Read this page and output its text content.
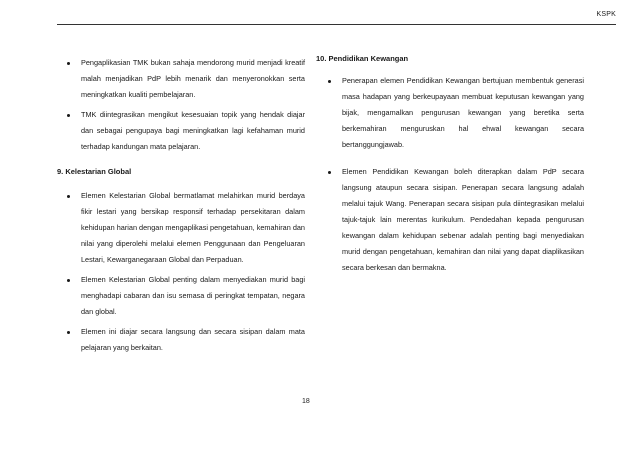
KSPK
Pengaplikasian TMK bukan sahaja mendorong murid menjadi kreatif malah menjadikan PdP lebih menarik dan menyeronokkan serta meningkatkan kualiti pembelajaran.
TMK diintegrasikan mengikut kesesuaian topik yang hendak diajar dan sebagai pengupaya bagi meningkatkan lagi kefahaman murid terhadap kandungan mata pelajaran.
9. Kelestarian Global
Elemen Kelestarian Global bermatlamat melahirkan murid berdaya fikir lestari yang bersikap responsif terhadap persekitaran dalam kehidupan harian dengan mengaplikasi pengetahuan, kemahiran dan nilai yang diperolehi melalui elemen Penggunaan dan Pengeluaran Lestari, Kewarganegaraan Global dan Perpaduan.
Elemen Kelestarian Global penting dalam menyediakan murid bagi menghadapi cabaran dan isu semasa di peringkat tempatan, negara dan global.
Elemen ini diajar secara langsung dan secara sisipan dalam mata pelajaran yang berkaitan.
10. Pendidikan Kewangan
Penerapan elemen Pendidikan Kewangan bertujuan membentuk generasi masa hadapan yang berkeupayaan membuat keputusan kewangan yang bijak, mengamalkan pengurusan kewangan yang beretika serta berkemahiran menguruskan hal ehwal kewangan secara bertanggungjawab.
Elemen Pendidikan Kewangan boleh diterapkan dalam PdP secara langsung ataupun secara sisipan. Penerapan secara langsung adalah melalui tajuk Wang. Penerapan secara sisipan pula diintegrasikan melalui tajuk-tajuk lain merentas kurikulum. Pendedahan kepada pengurusan kewangan dalam kehidupan sebenar adalah penting bagi menyediakan murid dengan pengetahuan, kemahiran dan nilai yang dapat diaplikasikan secara berkesan dan bermakna.
18
